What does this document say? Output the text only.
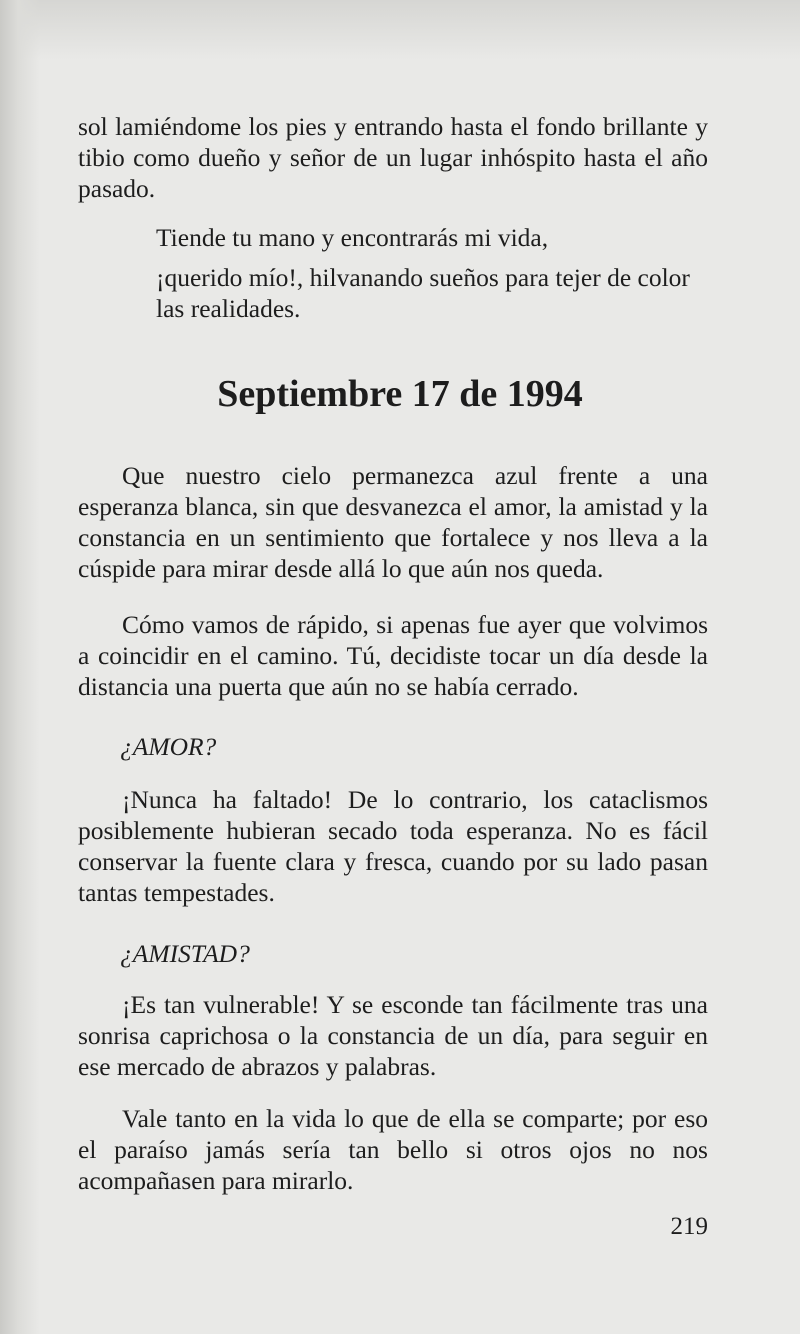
sol lamiéndome los pies y entrando hasta el fondo brillante y tibio como dueño y señor de un lugar inhóspito hasta el año pasado.

Tiende tu mano y encontrarás mi vida,

¡querido mío!, hilvanando sueños para tejer de color las realidades.

Septiembre 17 de 1994

Que nuestro cielo permanezca azul frente a una esperanza blanca, sin que desvanezca el amor, la amistad y la constancia en un sentimiento que fortalece y nos lleva a la cúspide para mirar desde allá lo que aún nos queda.

Cómo vamos de rápido, si apenas fue ayer que volvimos a coincidir en el camino. Tú, decidiste tocar un día desde la distancia una puerta que aún no se había cerrado.

¿AMOR?

¡Nunca ha faltado! De lo contrario, los cataclismos posiblemente hubieran secado toda esperanza. No es fácil conservar la fuente clara y fresca, cuando por su lado pasan tantas tempestades.

¿AMISTAD?

¡Es tan vulnerable! Y se esconde tan fácilmente tras una sonrisa caprichosa o la constancia de un día, para seguir en ese mercado de abrazos y palabras.

Vale tanto en la vida lo que de ella se comparte; por eso el paraíso jamás sería tan bello si otros ojos no nos acompañasen para mirarlo.

219
